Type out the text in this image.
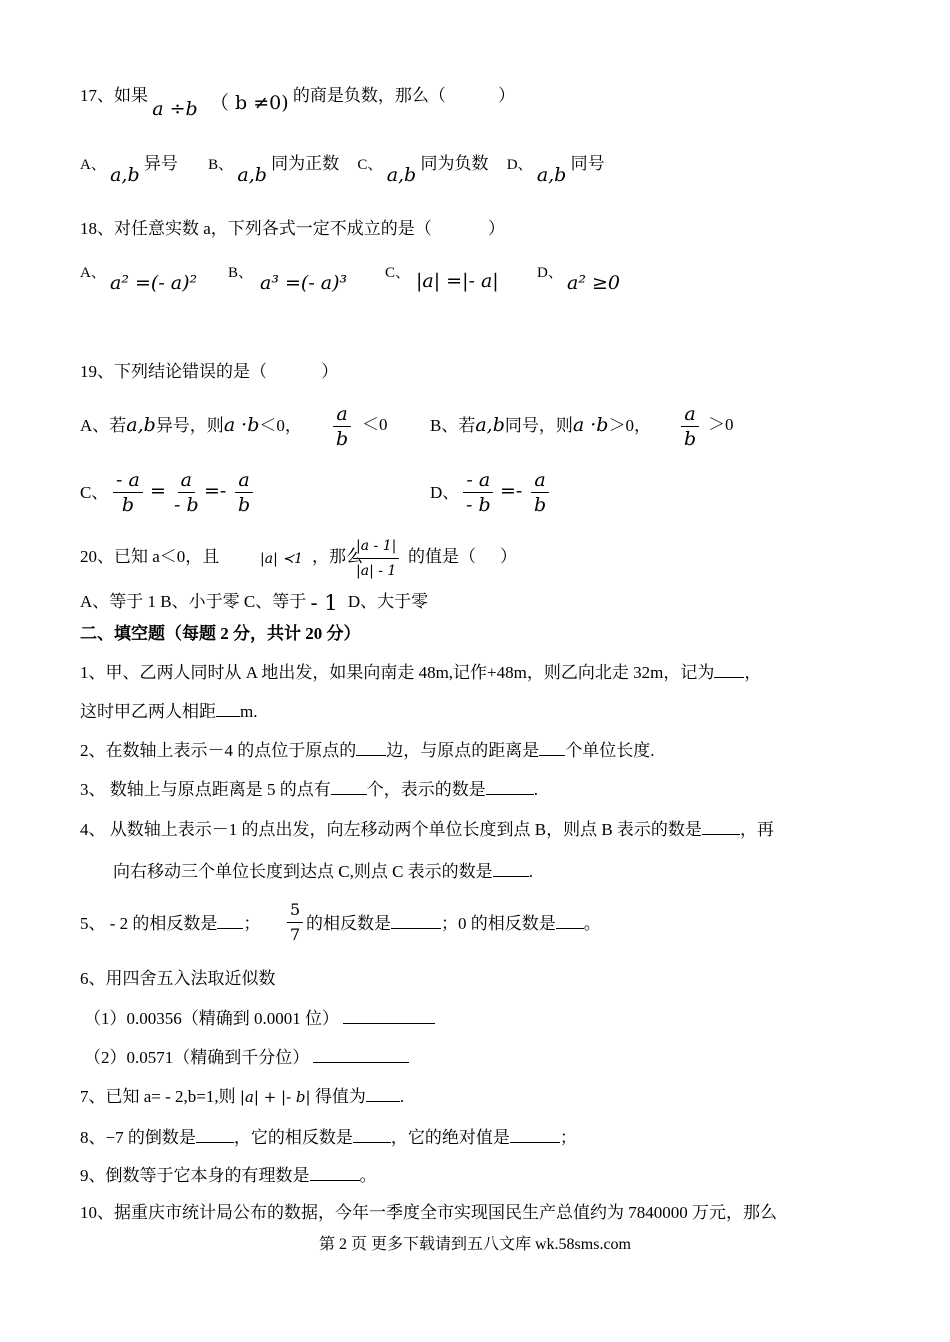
17、如果 a ÷b （ b ≠0) 的商是负数，那么（	）
A、 a,b 异号 B、 a,b 同为正数 C、 a,b 同为负数 D、 a,b 同号
18、对任意实数 a，下列各式一定不成立的是（	）
A、 a² =(- a)² B、 a³ =(- a)³	C、 |a| =|- a|	D、 a² ≥0
19、下列结论错误的是（	）
A、若a,b异号，则a ·b＜0， $\frac{a}{b} <0$	B、若a,b同号，则a ·b＞0， $\frac{a}{b} >0$
C、 $\frac{- a}{b} = \frac{a}{- b} =- \frac{a}{b}$	D、 $\frac{- a}{- b} =- \frac{a}{b}$
20、已知 a＜0，且	|a| ≺1 ，那么
$\frac{|a - 1|}{|a| - 1}$ 的值是（ ）
A、等于 1 B、小于零 C、等于 - 1 D、大于零
二、填空题（每题 2 分，共计 20 分）
1、甲、乙两人同时从 A 地出发，如果向南走 48m,记作+48m，则乙向北走 32m，记为 ，
这时甲乙两人相距 m.
2、在数轴上表示－4 的点位于原点的 边，与原点的距离是 个单位长度.
3、 数轴上与原点距离是 5 的点有 个，表示的数是	.
4、 从数轴上表示－1 的点出发，向左移动两个单位长度到点 B，则点 B 表示的数是 ，再
向右移动三个单位长度到达点 C,则点 C 表示的数是 .
5、 - 2 的相反数是 ； $\frac{5}{7}$ 的相反数是	；0 的相反数是 。
6、用四舍五入法取近似数
（1）0.00356（精确到 0.0001 位）
（2）0.0571（精确到千分位）
7、已知 a= - 2,b=1,则 |a| + |- b| 得值为 .
8、−7 的倒数是 ，它的相反数是 ，它的绝对值是	；
9、倒数等于它本身的有理数是	。
10、据重庆市统计局公布的数据，今年一季度全市实现国民生产总值约为 7840000 万元，那么
第 2 页 更多下载请到五八文库 wk.58sms.com
